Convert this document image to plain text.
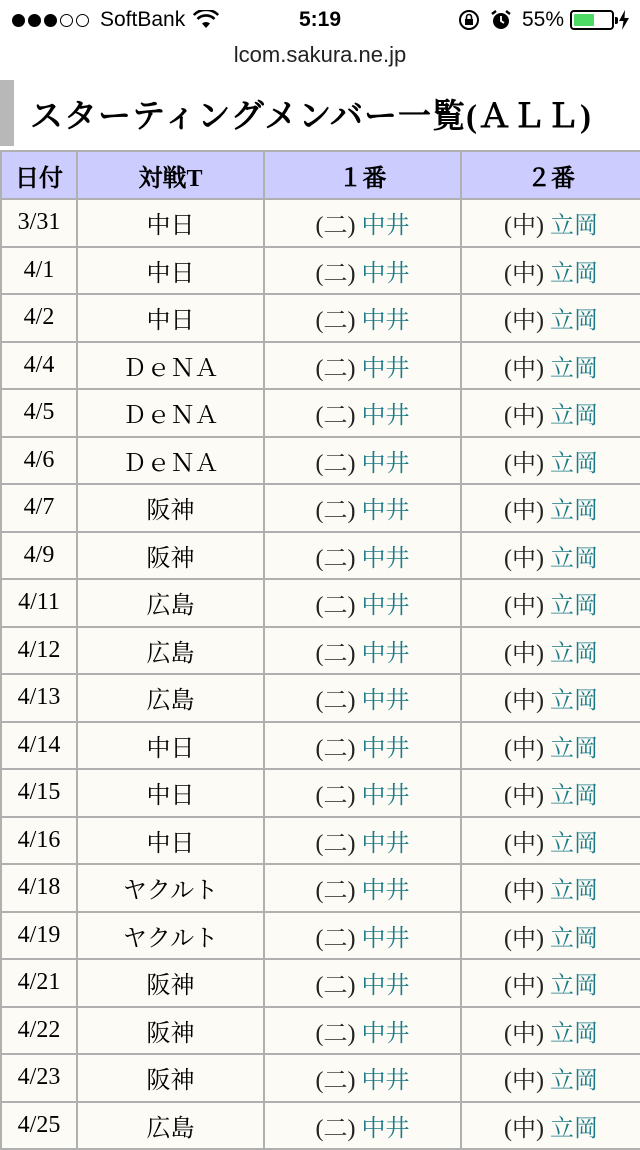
SoftBank	5:19	55%
lcom.sakura.ne.jp
スターティングメンバー一覧(ＡＬＬ)
日付	対戦T	１番	２番
3/31	中日	(二) 中井	(中) 立岡
4/1	中日	(二) 中井	(中) 立岡
4/2	中日	(二) 中井	(中) 立岡
4/4	ＤｅＮＡ	(二) 中井	(中) 立岡
4/5	ＤｅＮＡ	(二) 中井	(中) 立岡
4/6	ＤｅＮＡ	(二) 中井	(中) 立岡
4/7	阪神	(二) 中井	(中) 立岡
4/9	阪神	(二) 中井	(中) 立岡
4/11	広島	(二) 中井	(中) 立岡
4/12	広島	(二) 中井	(中) 立岡
4/13	広島	(二) 中井	(中) 立岡
4/14	中日	(二) 中井	(中) 立岡
4/15	中日	(二) 中井	(中) 立岡
4/16	中日	(二) 中井	(中) 立岡
4/18	ヤクルト	(二) 中井	(中) 立岡
4/19	ヤクルト	(二) 中井	(中) 立岡
4/21	阪神	(二) 中井	(中) 立岡
4/22	阪神	(二) 中井	(中) 立岡
4/23	阪神	(二) 中井	(中) 立岡
4/25	広島	(二) 中井	(中) 立岡
